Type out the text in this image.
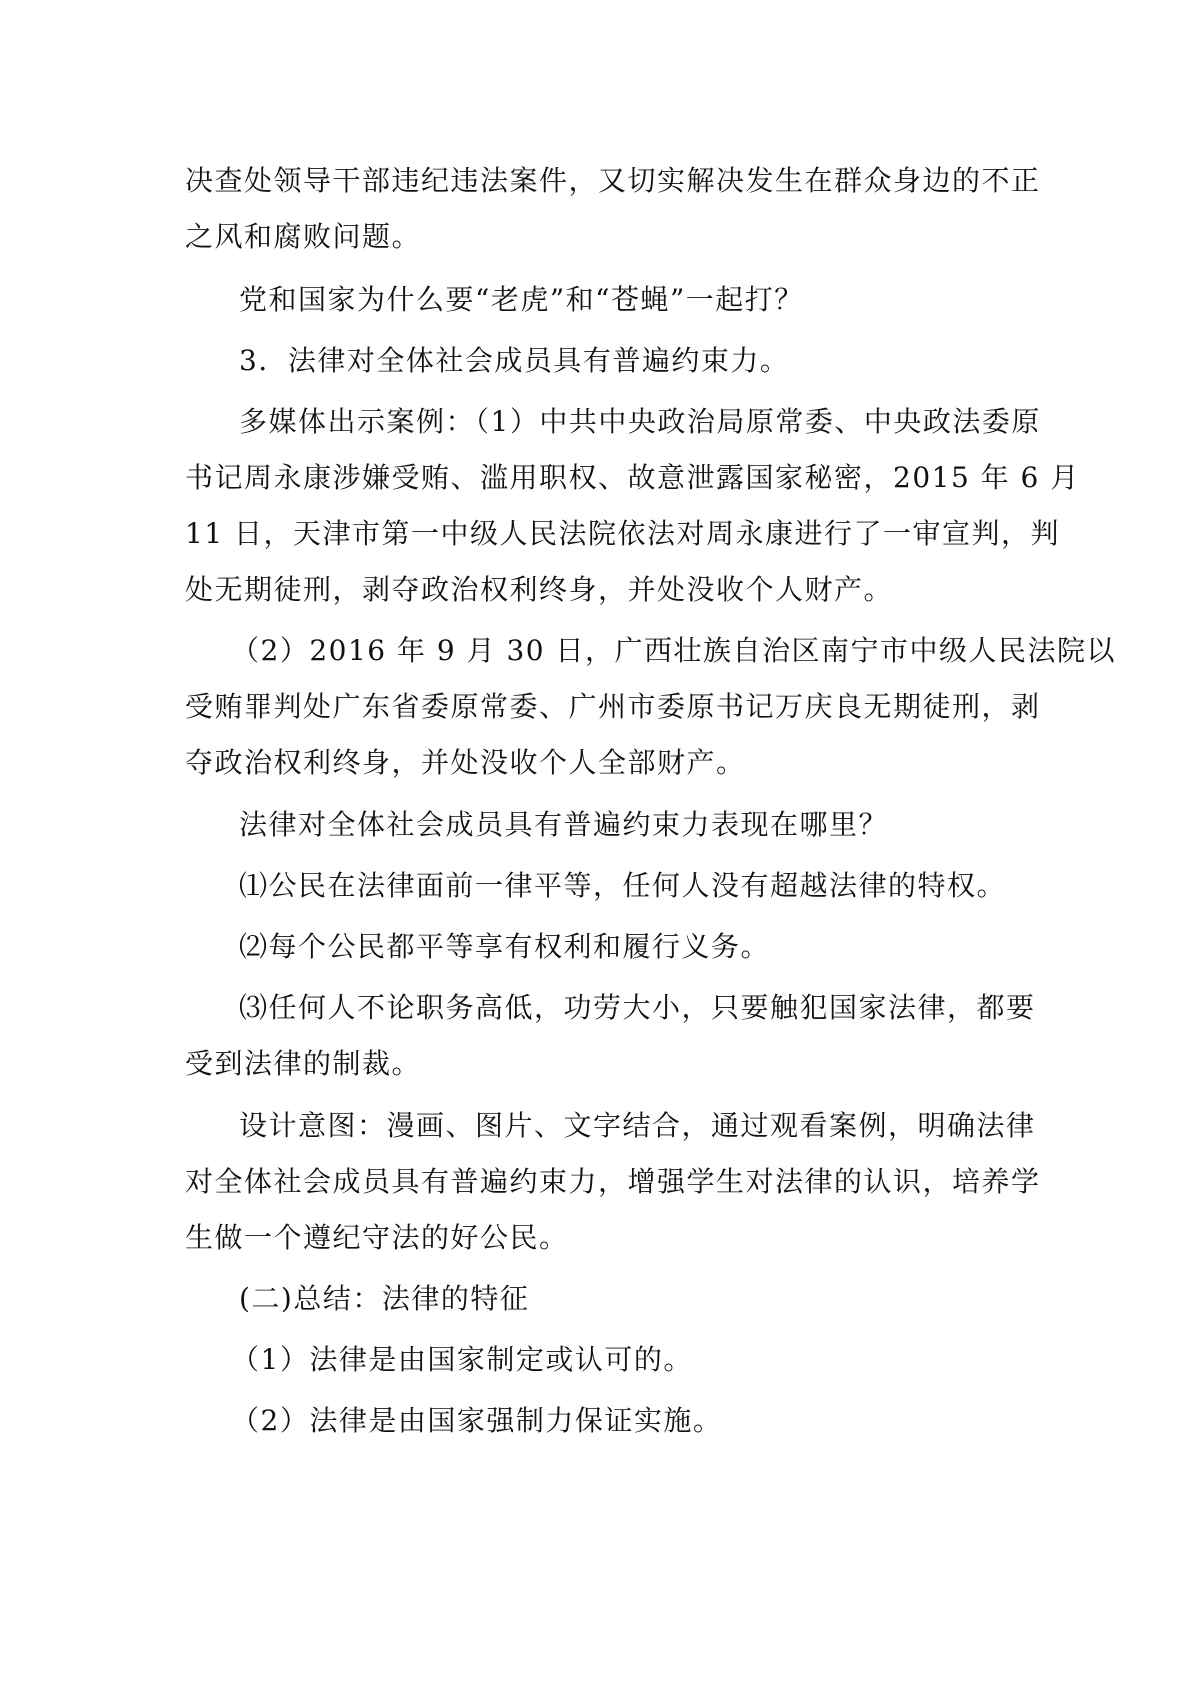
决查处领导干部违纪违法案件，又切实解决发生在群众身边的不正
之风和腐败问题。
党和国家为什么要“老虎”和“苍蝇”一起打？
3．法律对全体社会成员具有普遍约束力。
多媒体出示案例：（1）中共中央政治局原常委、中央政法委原
书记周永康涉嫌受贿、滥用职权、故意泄露国家秘密，2015 年 6 月
11 日，天津市第一中级人民法院依法对周永康进行了一审宣判，判
处无期徒刑，剥夺政治权利终身，并处没收个人财产。
（2）2016 年 9 月 30 日，广西壮族自治区南宁市中级人民法院以
受贿罪判处广东省委原常委、广州市委原书记万庆良无期徒刑，剥
夺政治权利终身，并处没收个人全部财产。
法律对全体社会成员具有普遍约束力表现在哪里？
⑴公民在法律面前一律平等，任何人没有超越法律的特权。
⑵每个公民都平等享有权利和履行义务。
⑶任何人不论职务高低，功劳大小，只要触犯国家法律，都要
受到法律的制裁。
设计意图：漫画、图片、文字结合，通过观看案例，明确法律
对全体社会成员具有普遍约束力，增强学生对法律的认识，培养学
生做一个遵纪守法的好公民。
(二)总结：法律的特征
（1）法律是由国家制定或认可的。
（2）法律是由国家强制力保证实施。
